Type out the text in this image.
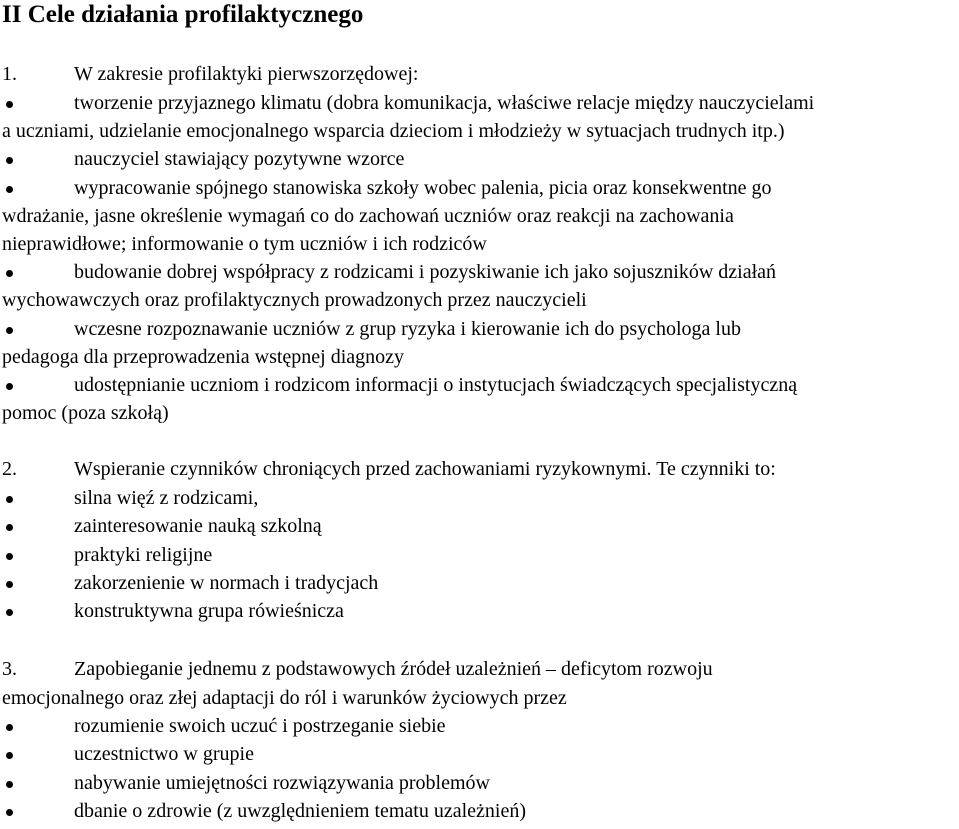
II Cele działania profilaktycznego
1.	W zakresie profilaktyki pierwszorzędowej:
tworzenie przyjaznego klimatu (dobra komunikacja, właściwe relacje między nauczycielami
a uczniami, udzielanie emocjonalnego wsparcia dzieciom i młodzieży w sytuacjach trudnych itp.)
nauczyciel stawiający pozytywne wzorce
wypracowanie spójnego stanowiska szkoły wobec palenia, picia oraz konsekwentne go
wdrażanie, jasne określenie wymagań co do zachowań uczniów oraz reakcji na zachowania
nieprawidłowe; informowanie o tym uczniów i ich rodziców
budowanie dobrej współpracy z rodzicami i pozyskiwanie ich jako sojuszników działań
wychowawczych oraz profilaktycznych prowadzonych przez nauczycieli
wczesne rozpoznawanie uczniów z grup ryzyka i kierowanie ich do psychologa lub
pedagoga dla przeprowadzenia wstępnej diagnozy
udostępnianie uczniom i rodzicom informacji o instytucjach świadczących specjalistyczną
pomoc (poza szkołą)
2.	Wspieranie czynników chroniących przed zachowaniami ryzykownymi. Te czynniki to:
silna więź z rodzicami,
zainteresowanie nauką szkolną
praktyki religijne
zakorzenienie w normach i tradycjach
konstruktywna grupa rówieśnicza
3.	Zapobieganie jednemu z podstawowych źródeł uzależnień – deficytom rozwoju
emocjonalnego oraz złej adaptacji do ról i warunków życiowych przez
rozumienie swoich uczuć i postrzeganie siebie
uczestnictwo w grupie
nabywanie umiejętności rozwiązywania problemów
dbanie o zdrowie (z uwzględnieniem tematu uzależnień)
